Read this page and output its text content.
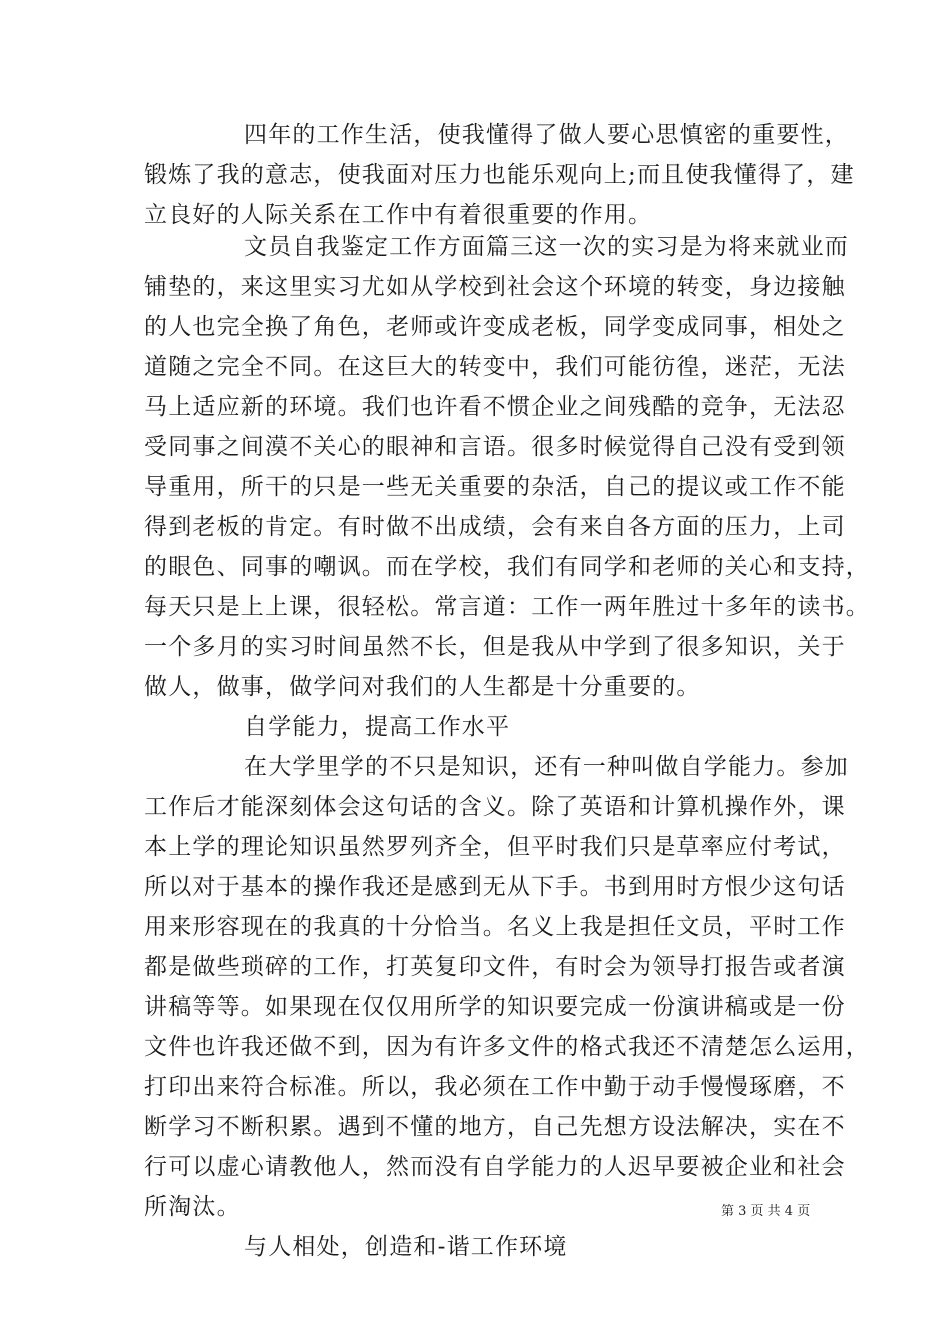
四年的工作生活，使我懂得了做人要心思慎密的重要性，
锻炼了我的意志，使我面对压力也能乐观向上;而且使我懂得了，建
立良好的人际关系在工作中有着很重要的作用。
文员自我鉴定工作方面篇三这一次的实习是为将来就业而
铺垫的，来这里实习尤如从学校到社会这个环境的转变，身边接触
的人也完全换了角色，老师或许变成老板，同学变成同事，相处之
道随之完全不同。在这巨大的转变中，我们可能彷徨，迷茫，无法
马上适应新的环境。我们也许看不惯企业之间残酷的竞争，无法忍
受同事之间漠不关心的眼神和言语。很多时候觉得自己没有受到领
导重用，所干的只是一些无关重要的杂活，自己的提议或工作不能
得到老板的肯定。有时做不出成绩，会有来自各方面的压力，上司
的眼色、同事的嘲讽。而在学校，我们有同学和老师的关心和支持，
每天只是上上课，很轻松。常言道：工作一两年胜过十多年的读书。
一个多月的实习时间虽然不长，但是我从中学到了很多知识，关于
做人，做事，做学问对我们的人生都是十分重要的。
自学能力，提高工作水平
在大学里学的不只是知识，还有一种叫做自学能力。参加
工作后才能深刻体会这句话的含义。除了英语和计算机操作外，课
本上学的理论知识虽然罗列齐全，但平时我们只是草率应付考试，
所以对于基本的操作我还是感到无从下手。书到用时方恨少这句话
用来形容现在的我真的十分恰当。名义上我是担任文员，平时工作
都是做些琐碎的工作，打英复印文件，有时会为领导打报告或者演
讲稿等等。如果现在仅仅用所学的知识要完成一份演讲稿或是一份
文件也许我还做不到，因为有许多文件的格式我还不清楚怎么运用，
打印出来符合标准。所以，我必须在工作中勤于动手慢慢琢磨，不
断学习不断积累。遇到不懂的地方，自己先想方设法解决，实在不
行可以虚心请教他人，然而没有自学能力的人迟早要被企业和社会
所淘汰。
与人相处，创造和-谐工作环境
第 3 页 共 4 页
